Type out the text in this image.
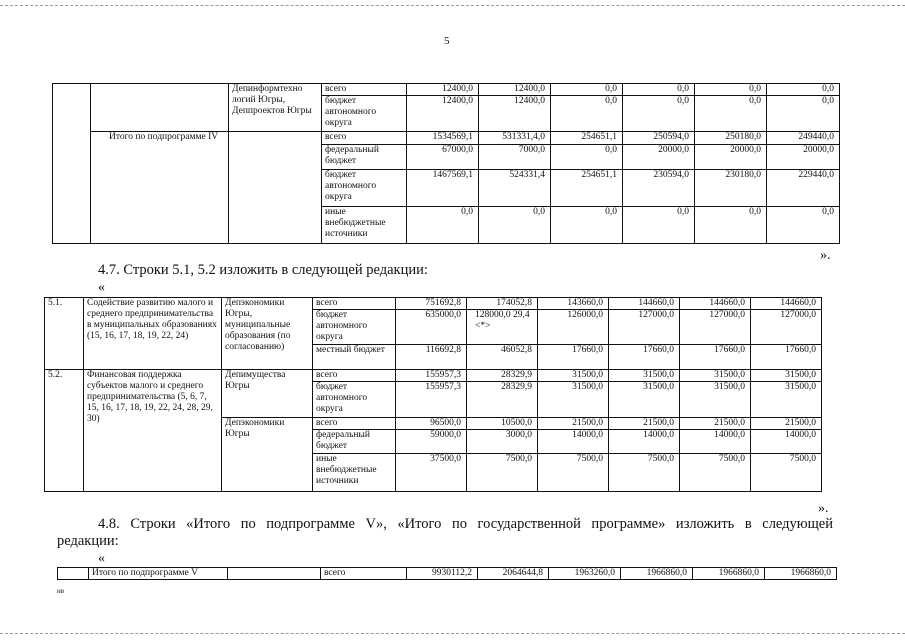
5
		Депинформтехно логий Югры, Деппроектов Югры	всего	12400,0	12400,0	0,0	0,0	0,0	0,0
			бюджет автономного округа	12400,0	12400,0	0,0	0,0	0,0	0,0
	Итого по подпрограмме IV		всего	1534569,1	531331,4,0	254651,1	250594,0	250180,0	249440,0
			федеральный бюджет	67000,0	7000,0	0,0	20000,0	20000,0	20000,0
			бюджет автономного округа	1467569,1	524331,4	254651,1	230594,0	230180,0	229440,0
			иные внебюджетные источники	0,0	0,0	0,0	0,0	0,0	0,0
».
4.7. Строки 5.1, 5.2 изложить в следующей редакции:
«
5.1.	Содействие развитию малого и среднего предпринимательства в муниципальных образованиях (15, 16, 17, 18, 19, 22, 24)	Депэкономики Югры, муниципальные образования (по согласованию)	всего	751692,8	174052,8	143660,0	144660,0	144660,0	144660,0
			бюджет автономного округа	635000,0	128000,0 29,4 <*>	126000,0	127000,0	127000,0	127000,0
			местный бюджет	116692,8	46052,8	17660,0	17660,0	17660,0	17660,0
5.2.	Финансовая поддержка субъектов малого и среднего предпринимательства (5, 6, 7, 15, 16, 17, 18, 19, 22, 24, 28, 29, 30)	Депимущества Югры	всего	155957,3	28329,9	31500,0	31500,0	31500,0	31500,0
			бюджет автономного округа	155957,3	28329,9	31500,0	31500,0	31500,0	31500,0
		Депэкономики Югры	всего	96500,0	10500,0	21500,0	21500,0	21500,0	21500,0
			федеральный бюджет	59000,0	3000,0	14000,0	14000,0	14000,0	14000,0
			иные внебюджетные источники	37500,0	7500,0	7500,0	7500,0	7500,0	7500,0
».
4.8. Строки «Итого по подпрограмме V», «Итого по государственной программе» изложить в следующей
редакции:
«
	Итого по подпрограмме V		всего	9930112,2	2064644,8	1963260,0	1966860,0	1966860,0	1966860,0
нв
